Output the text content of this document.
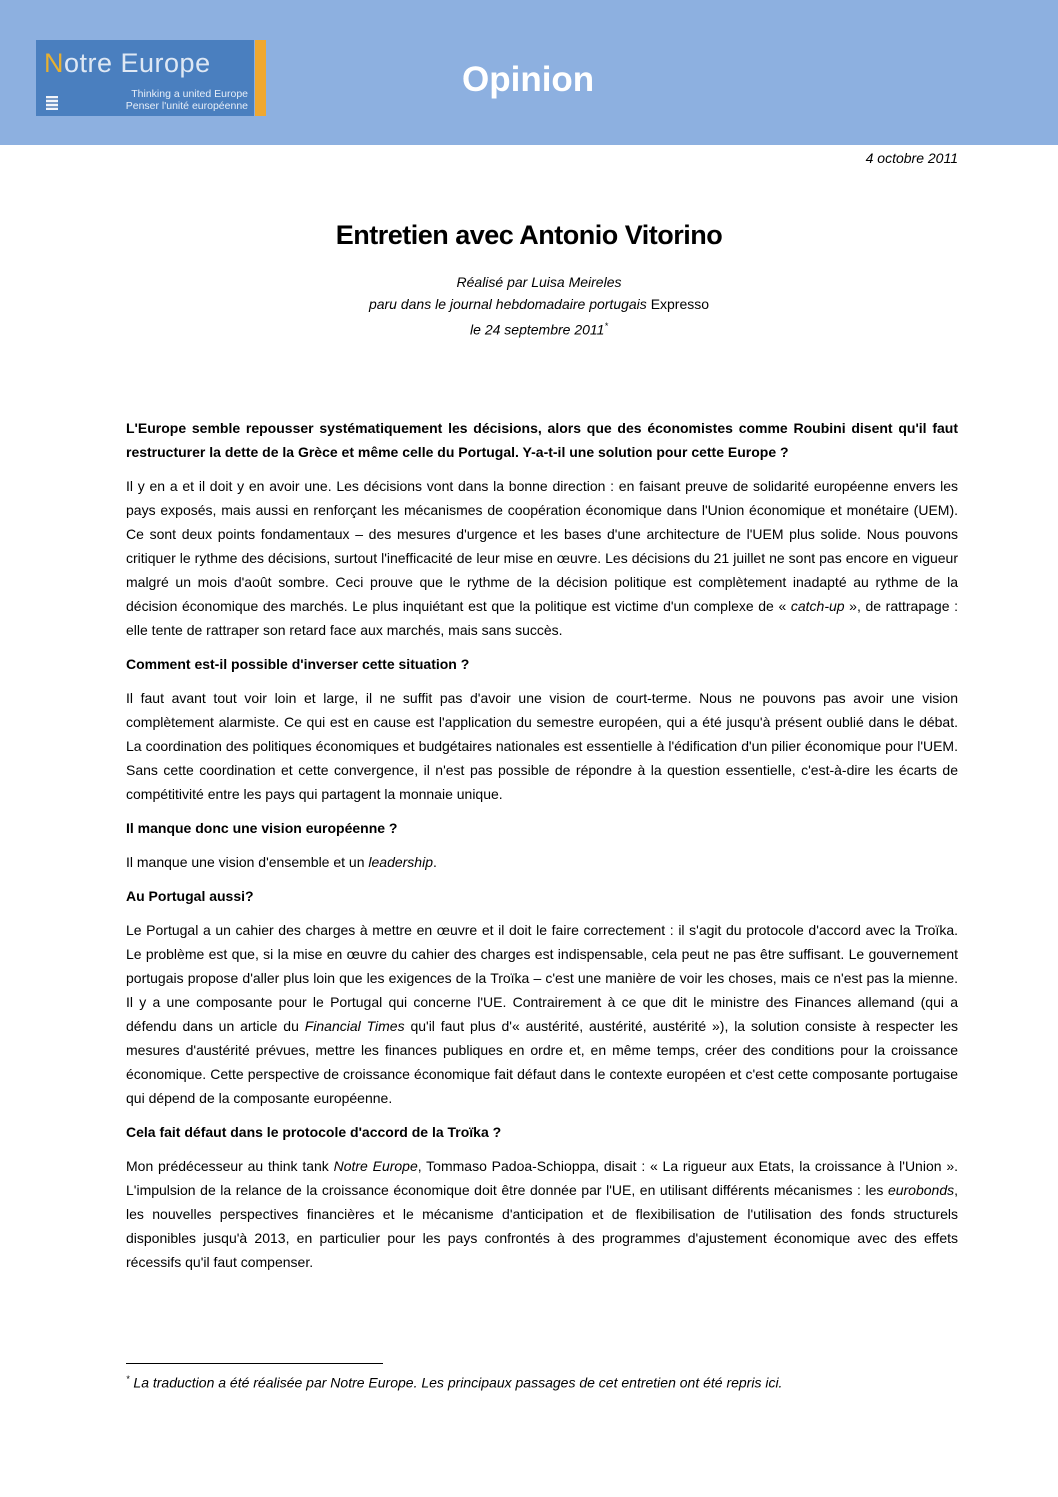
Notre Europe
Thinking a united Europe
Penser l'unité européenne
Opinion
4 octobre 2011
Entretien avec Antonio Vitorino
Réalisé par Luisa Meireles
paru dans le journal hebdomadaire portugais Expresso
le 24 septembre 2011*

L'Europe semble repousser systématiquement les décisions, alors que des économistes comme Roubini disent qu'il faut restructurer la dette de la Grèce et même celle du Portugal. Y-a-t-il une solution pour cette Europe ?

Il y en a et il doit y en avoir une. Les décisions vont dans la bonne direction : en faisant preuve de solidarité européenne envers les pays exposés, mais aussi en renforçant les mécanismes de coopération économique dans l'Union économique et monétaire (UEM). Ce sont deux points fondamentaux – des mesures d'urgence et les bases d'une architecture de l'UEM plus solide. Nous pouvons critiquer le rythme des décisions, surtout l'inefficacité de leur mise en œuvre. Les décisions du 21 juillet ne sont pas encore en vigueur malgré un mois d'août sombre. Ceci prouve que le rythme de la décision politique est complètement inadapté au rythme de la décision économique des marchés. Le plus inquiétant est que la politique est victime d'un complexe de « catch-up », de rattrapage : elle tente de rattraper son retard face aux marchés, mais sans succès.

Comment est-il possible d'inverser cette situation ?

Il faut avant tout voir loin et large, il ne suffit pas d'avoir une vision de court-terme. Nous ne pouvons pas avoir une vision complètement alarmiste. Ce qui est en cause est l'application du semestre européen, qui a été jusqu'à présent oublié dans le débat. La coordination des politiques économiques et budgétaires nationales est essentielle à l'édification d'un pilier économique pour l'UEM. Sans cette coordination et cette convergence, il n'est pas possible de répondre à la question essentielle, c'est-à-dire les écarts de compétitivité entre les pays qui partagent la monnaie unique.

Il manque donc une vision européenne ?

Il manque une vision d'ensemble et un leadership.

Au Portugal aussi?

Le Portugal a un cahier des charges à mettre en œuvre et il doit le faire correctement : il s'agit du protocole d'accord avec la Troïka. Le problème est que, si la mise en œuvre du cahier des charges est indispensable, cela peut ne pas être suffisant. Le gouvernement portugais propose d'aller plus loin que les exigences de la Troïka – c'est une manière de voir les choses, mais ce n'est pas la mienne. Il y a une composante pour le Portugal qui concerne l'UE. Contrairement à ce que dit le ministre des Finances allemand (qui a défendu dans un article du Financial Times qu'il faut plus d'« austérité, austérité, austérité »), la solution consiste à respecter les mesures d'austérité prévues, mettre les finances publiques en ordre et, en même temps, créer des conditions pour la croissance économique. Cette perspective de croissance économique fait défaut dans le contexte européen et c'est cette composante portugaise qui dépend de la composante européenne.

Cela fait défaut dans le protocole d'accord de la Troïka ?

Mon prédécesseur au think tank Notre Europe, Tommaso Padoa-Schioppa, disait : « La rigueur aux Etats, la croissance à l'Union ». L'impulsion de la relance de la croissance économique doit être donnée par l'UE, en utilisant différents mécanismes : les eurobonds, les nouvelles perspectives financières et le mécanisme d'anticipation et de flexibilisation de l'utilisation des fonds structurels disponibles jusqu'à 2013, en particulier pour les pays confrontés à des programmes d'ajustement économique avec des effets récessifs qu'il faut compenser.

* La traduction a été réalisée par Notre Europe. Les principaux passages de cet entretien ont été repris ici.
